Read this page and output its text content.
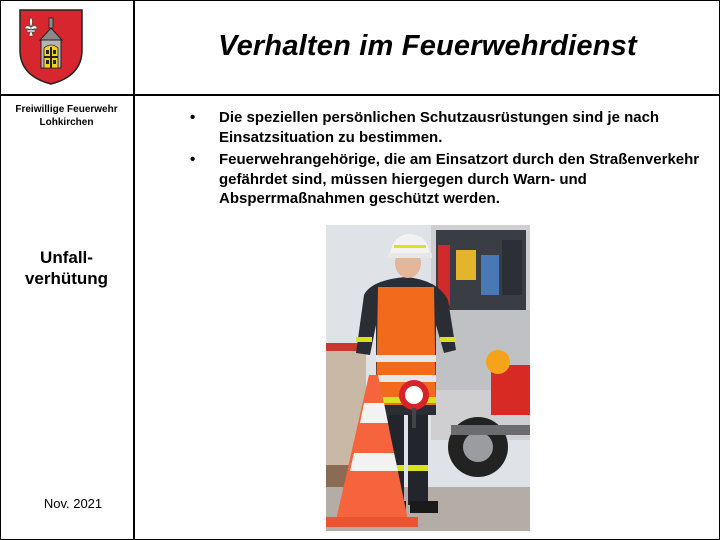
Verhalten im Feuerwehrdienst
Freiwillige Feuerwehr
Lohkirchen
Unfall-
verhütung
Nov. 2021
• Die speziellen persönlichen Schutzausrüstungen sind je nach Einsatzsituation zu bestimmen.
• Feuerwehrangehörige, die am Einsatzort durch den Straßenverkehr gefährdet sind, müssen hiergegen durch Warn- und Absperrmaßnahmen geschützt werden.
